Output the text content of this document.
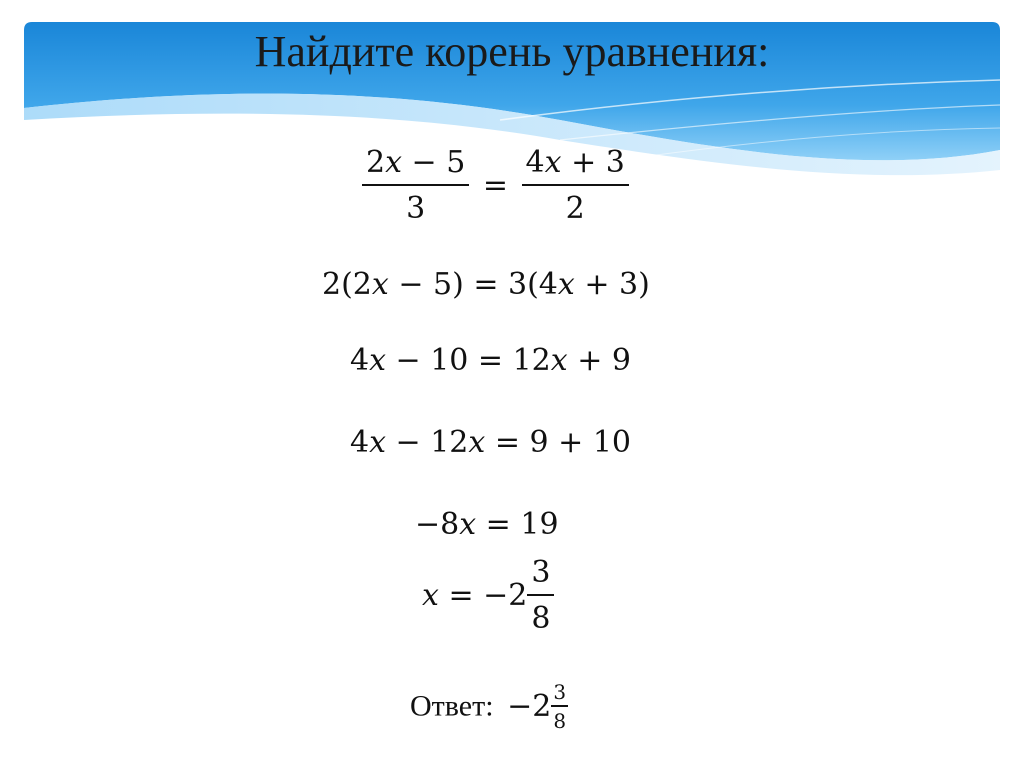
Найдите корень уравнения:
$\frac{\text{2𝑥 − 5}}{3} = \frac{\text{4𝑥 + 3}}{2}$
2(2𝑥 − 5) = 3(4𝑥 + 3)
4𝑥 − 10 = 12𝑥 + 9
4𝑥 − 12𝑥 = 9 + 10
−8𝑥 = 19
𝑥 = $-2 \frac{3}{8}$
Ответ: $-2 \frac{3}{8}$
